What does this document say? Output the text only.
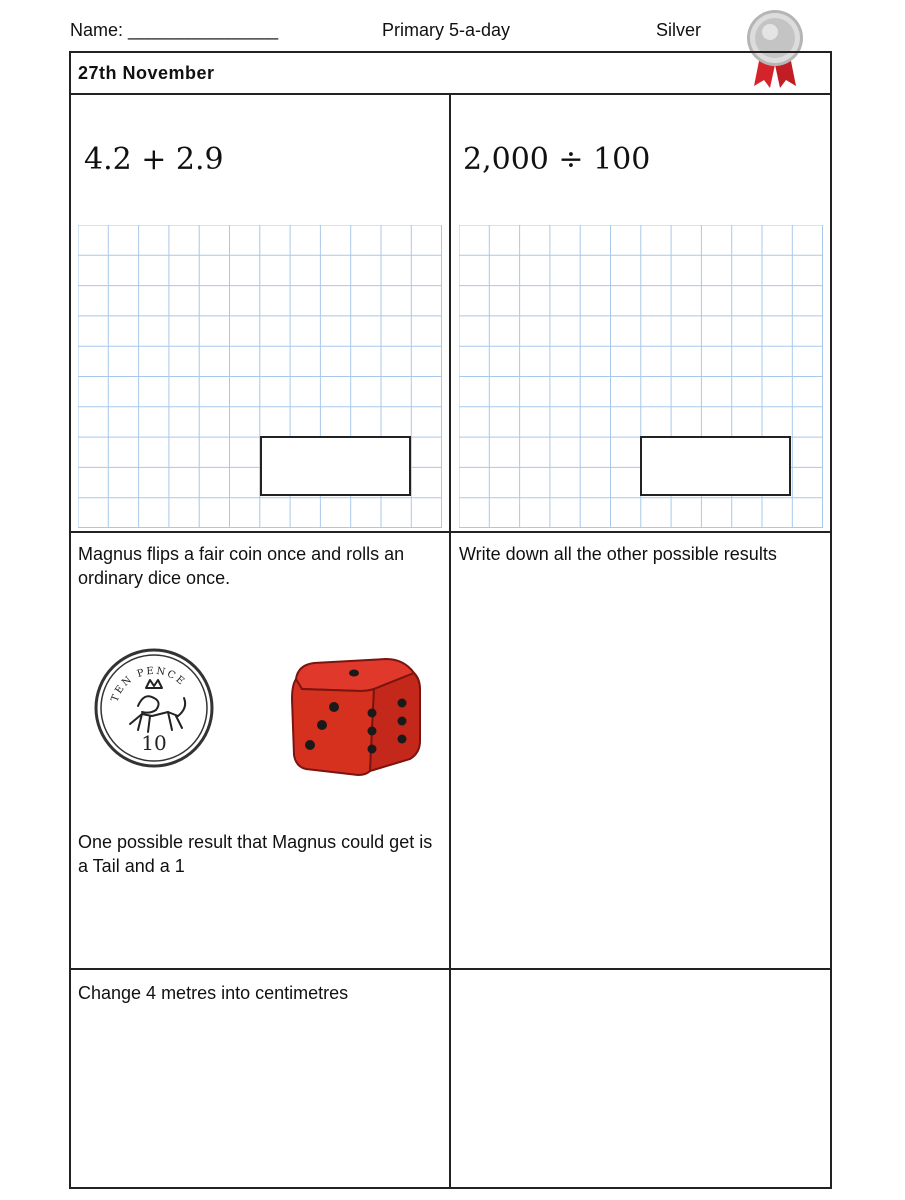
Name: _______________	Primary 5-a-day	Silver
27th November
4.2 + 2.9	2,000 ÷ 100
Magnus flips a fair coin once and rolls an ordinary dice once.
TEN PENCE
10
One possible result that Magnus could get is a Tail and a 1
Write down all the other possible results
Change 4 metres into centimetres
